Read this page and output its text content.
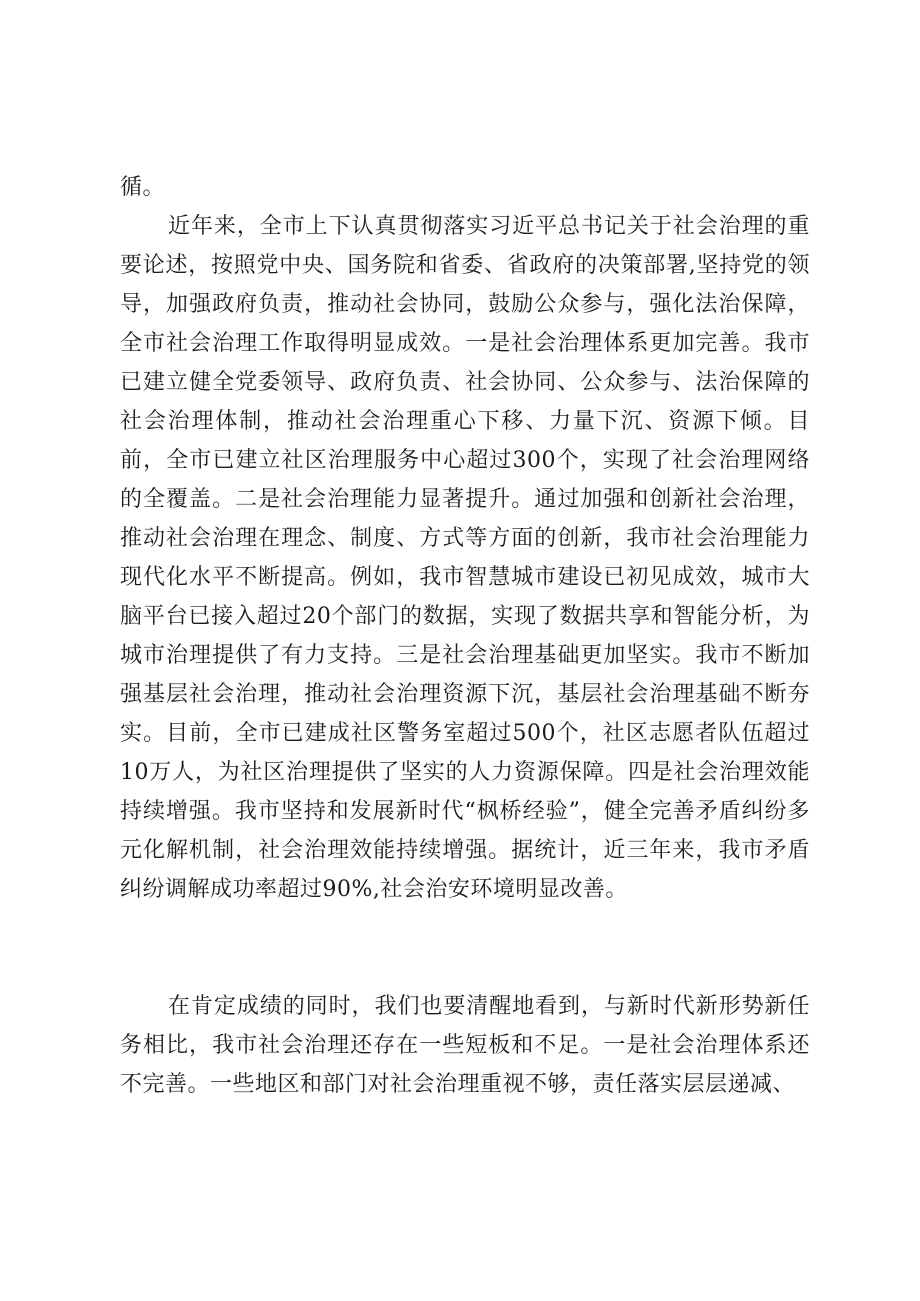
循。

近年来，全市上下认真贯彻落实习近平总书记关于社会治理的重要论述，按照党中央、国务院和省委、省政府的决策部署,坚持党的领导，加强政府负责，推动社会协同，鼓励公众参与，强化法治保障，全市社会治理工作取得明显成效。一是社会治理体系更加完善。我市已建立健全党委领导、政府负责、社会协同、公众参与、法治保障的社会治理体制，推动社会治理重心下移、力量下沉、资源下倾。目前，全市已建立社区治理服务中心超过300个，实现了社会治理网络的全覆盖。二是社会治理能力显著提升。通过加强和创新社会治理，推动社会治理在理念、制度、方式等方面的创新，我市社会治理能力现代化水平不断提高。例如，我市智慧城市建设已初见成效，城市大脑平台已接入超过20个部门的数据，实现了数据共享和智能分析，为城市治理提供了有力支持。三是社会治理基础更加坚实。我市不断加强基层社会治理，推动社会治理资源下沉，基层社会治理基础不断夯实。目前，全市已建成社区警务室超过500个，社区志愿者队伍超过10万人，为社区治理提供了坚实的人力资源保障。四是社会治理效能持续增强。我市坚持和发展新时代“枫桥经验”，健全完善矛盾纠纷多元化解机制，社会治理效能持续增强。据统计，近三年来，我市矛盾纠纷调解成功率超过90%,社会治安环境明显改善。

在肯定成绩的同时，我们也要清醒地看到，与新时代新形势新任务相比，我市社会治理还存在一些短板和不足。一是社会治理体系还不完善。一些地区和部门对社会治理重视不够，责任落实层层递减、
